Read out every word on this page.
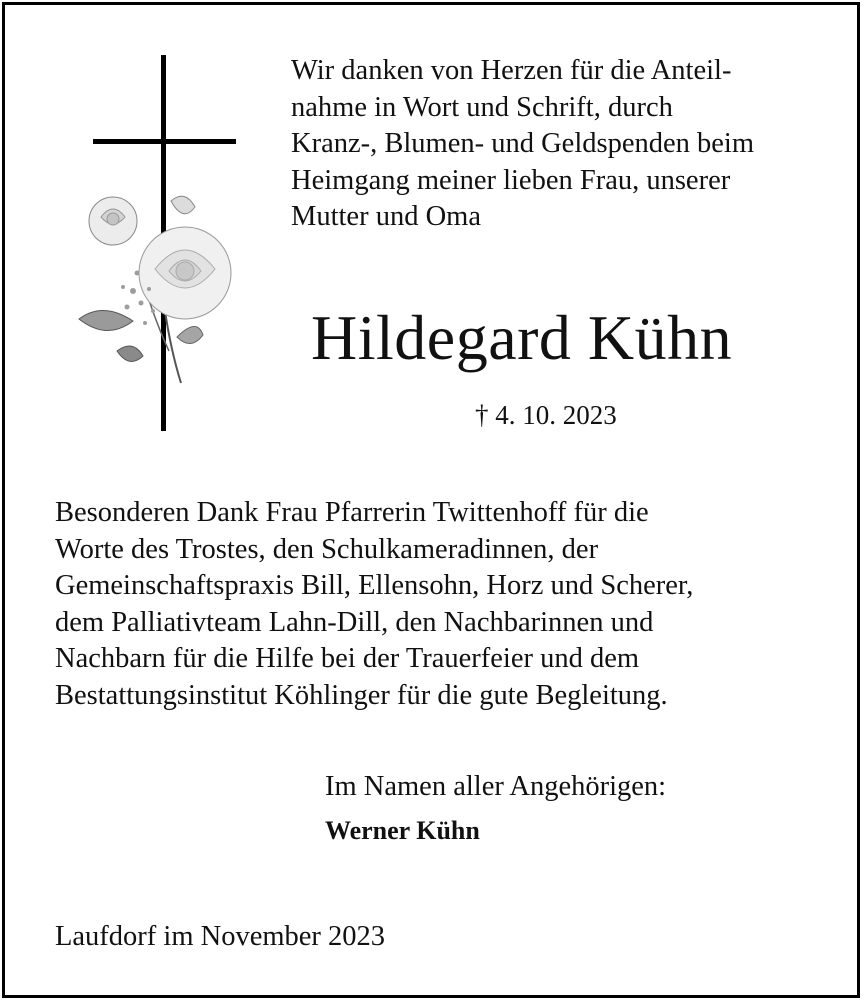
Wir danken von Herzen für die Anteil-
nahme in Wort und Schrift, durch
Kranz-, Blumen- und Geldspenden beim
Heimgang meiner lieben Frau, unserer
Mutter und Oma

Hildegard Kühn
† 4. 10. 2023

Besonderen Dank Frau Pfarrerin Twittenhoff für die
Worte des Trostes, den Schulkameradinnen, der
Gemeinschaftspraxis Bill, Ellensohn, Horz und Scherer,
dem Palliativteam Lahn-Dill, den Nachbarinnen und
Nachbarn für die Hilfe bei der Trauerfeier und dem
Bestattungsinstitut Köhlinger für die gute Begleitung.

Im Namen aller Angehörigen:
Werner Kühn
Laufdorf im November 2023
